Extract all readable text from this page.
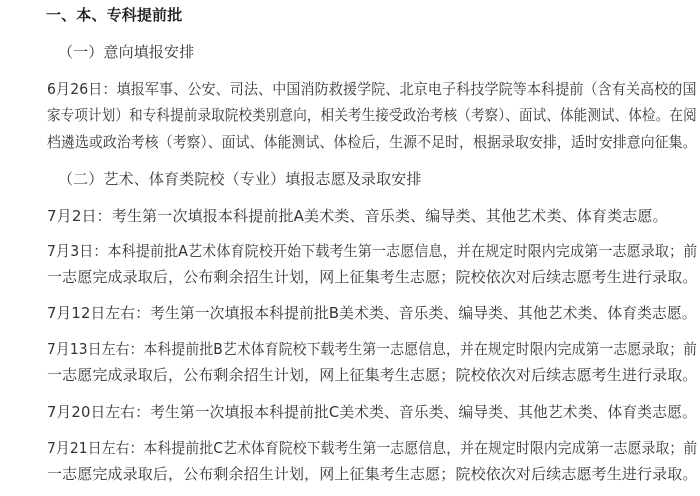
一、本、专科提前批
（一）意向填报安排
6月26日：填报军事、公安、司法、中国消防救援学院、北京电子科技学院等本科提前（含有关高校的国
家专项计划）和专科提前录取院校类别意向，相关考生接受政治考核（考察）、面试、体能测试、体检。在阅
档遴选或政治考核（考察）、面试、体能测试、体检后，生源不足时，根据录取安排，适时安排意向征集。
（二）艺术、体育类院校（专业）填报志愿及录取安排
7月2日：考生第一次填报本科提前批A美术类、音乐类、编导类、其他艺术类、体育类志愿。
7月3日：本科提前批A艺术体育院校开始下载考生第一志愿信息，并在规定时限内完成第一志愿录取；前
一志愿完成录取后，公布剩余招生计划，网上征集考生志愿；院校依次对后续志愿考生进行录取。
7月12日左右：考生第一次填报本科提前批B美术类、音乐类、编导类、其他艺术类、体育类志愿。
7月13日左右：本科提前批B艺术体育院校下载考生第一志愿信息，并在规定时限内完成第一志愿录取；前
一志愿完成录取后，公布剩余招生计划，网上征集考生志愿；院校依次对后续志愿考生进行录取。
7月20日左右：考生第一次填报本科提前批C美术类、音乐类、编导类、其他艺术类、体育类志愿。
7月21日左右：本科提前批C艺术体育院校下载考生第一志愿信息，并在规定时限内完成第一志愿录取；前
一志愿完成录取后，公布剩余招生计划，网上征集考生志愿；院校依次对后续志愿考生进行录取。
